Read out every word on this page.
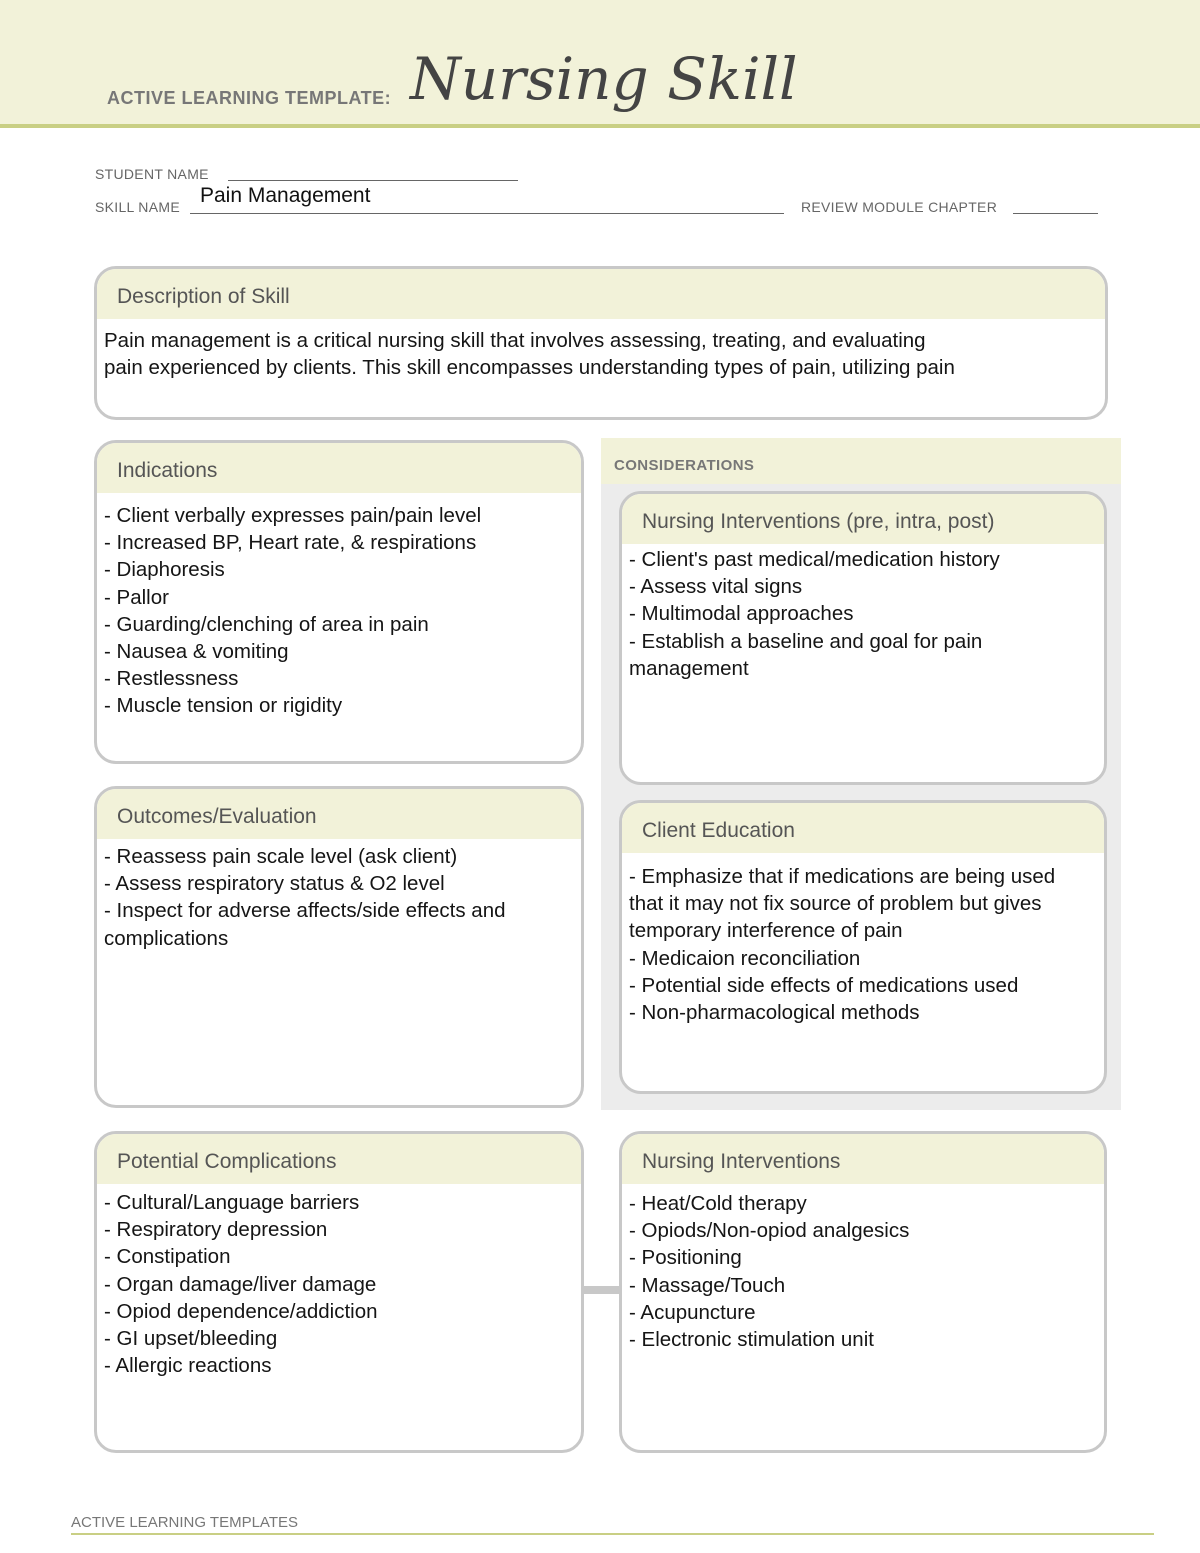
ACTIVE LEARNING TEMPLATE: Nursing Skill
STUDENT NAME
SKILL NAME Pain Management	REVIEW MODULE CHAPTER
Description of Skill
Pain management is a critical nursing skill that involves assessing, treating, and evaluating
pain experienced by clients. This skill encompasses understanding types of pain, utilizing pain
CONSIDERATIONS
Indications
- Client verbally expresses pain/pain level
- Increased BP, Heart rate, & respirations
- Diaphoresis
- Pallor
- Guarding/clenching of area in pain
- Nausea & vomiting
- Restlessness
- Muscle tension or rigidity
Nursing Interventions (pre, intra, post)
- Client's past medical/medication history
- Assess vital signs
- Multimodal approaches
- Establish a baseline and goal for pain management
Outcomes/Evaluation
- Reassess pain scale level (ask client)
- Assess respiratory status & O2 level
- Inspect for adverse affects/side effects and complications
Client Education
- Emphasize that if medications are being used that it may not fix source of problem but gives temporary interference of pain
- Medicaion reconciliation
- Potential side effects of medications used
- Non-pharmacological methods
Potential Complications
- Cultural/Language barriers
- Respiratory depression
- Constipation
- Organ damage/liver damage
- Opiod dependence/addiction
- GI upset/bleeding
- Allergic reactions
Nursing Interventions
- Heat/Cold therapy
- Opiods/Non-opiod analgesics
- Positioning
- Massage/Touch
- Acupuncture
- Electronic stimulation unit
ACTIVE LEARNING TEMPLATES
